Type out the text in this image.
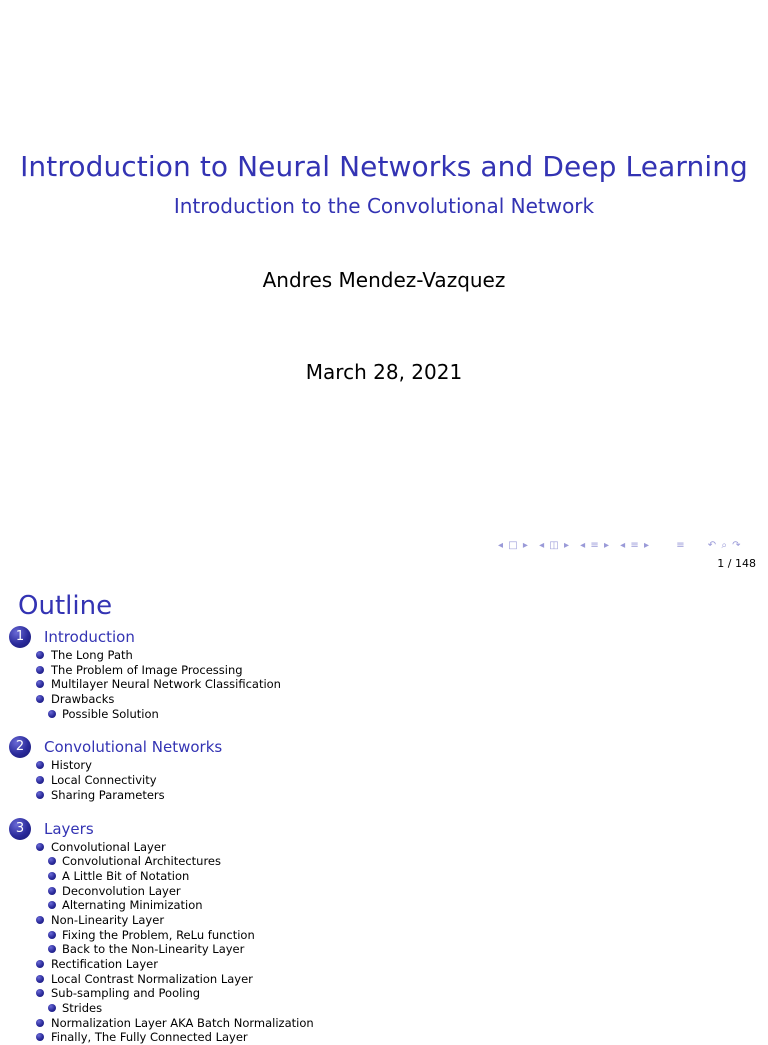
Introduction to Neural Networks and Deep Learning
Introduction to the Convolutional Network
Andres Mendez-Vazquez
March 28, 2021
◂ □ ▸ ◂ ◫ ▸ ◂ ≡ ▸ ◂ ≡ ▸	≡ ↶ ⌕ ↷
1 / 148
Outline
1	Introduction
The Long Path
The Problem of Image Processing
Multilayer Neural Network Classification
Drawbacks
Possible Solution
2	Convolutional Networks
History
Local Connectivity
Sharing Parameters
3	Layers
Convolutional Layer
Convolutional Architectures
A Little Bit of Notation
Deconvolution Layer
Alternating Minimization
Non-Linearity Layer
Fixing the Problem, ReLu function
Back to the Non-Linearity Layer
Rectification Layer
Local Contrast Normalization Layer
Sub-sampling and Pooling
Strides
Normalization Layer AKA Batch Normalization
Finally, The Fully Connected Layer
